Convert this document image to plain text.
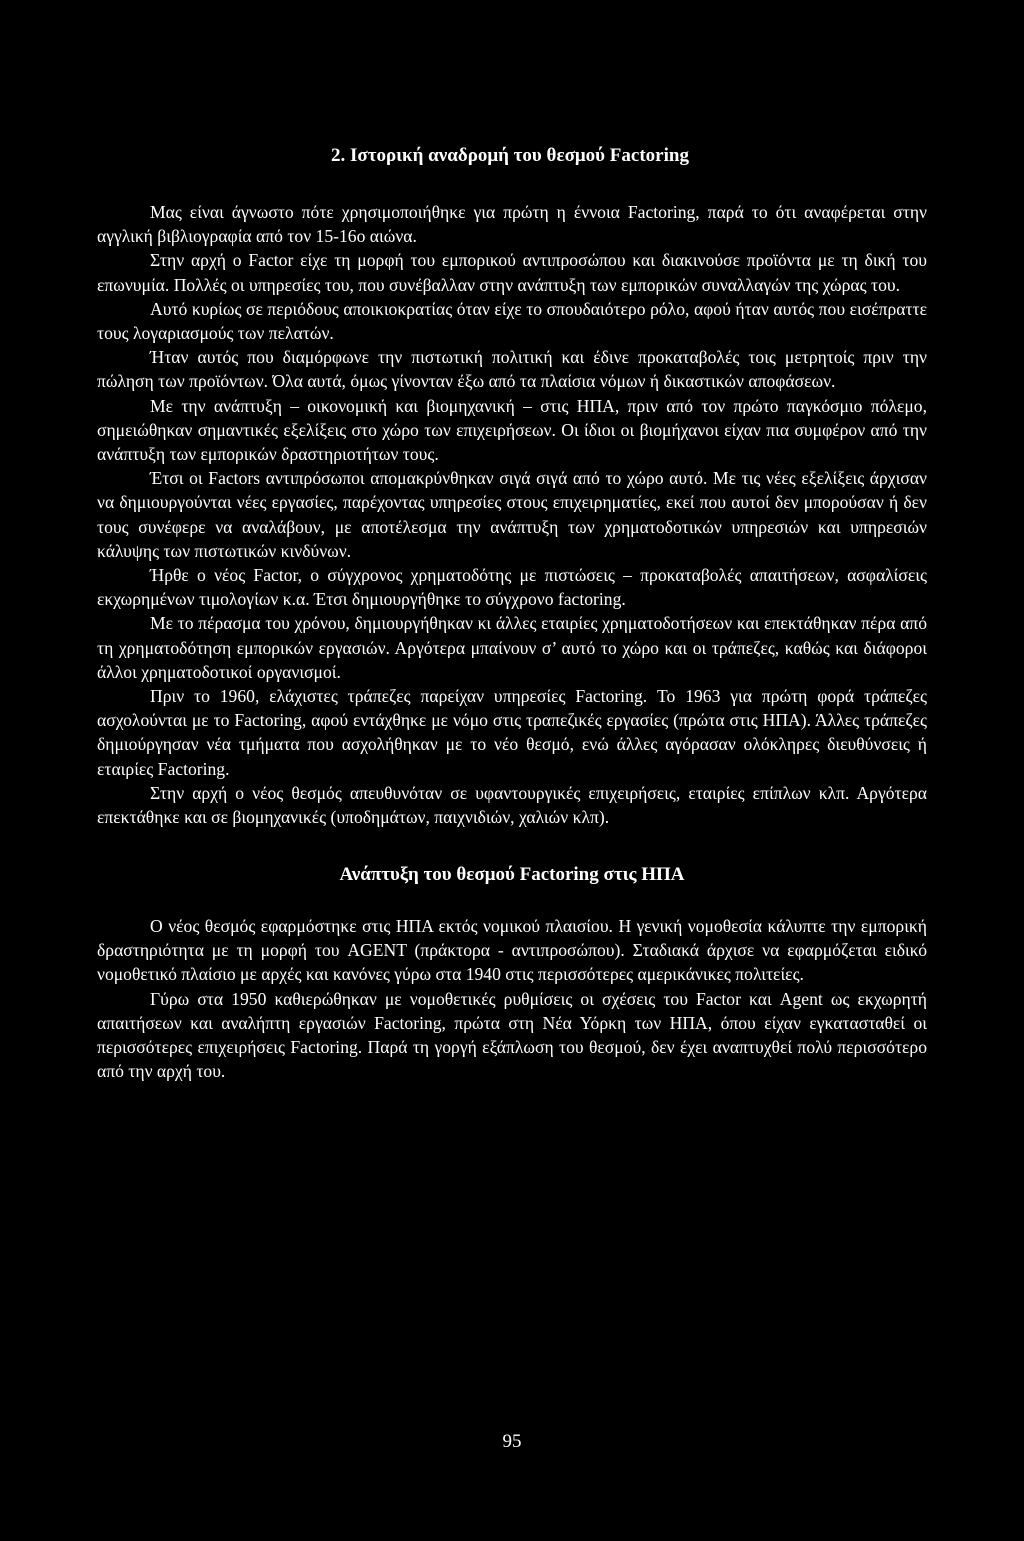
2. Ιστορική αναδρομή του θεσμού Factoring

Μας είναι άγνωστο πότε χρησιμοποιήθηκε για πρώτη η έννοια Factoring, παρά το ότι αναφέρεται στην αγγλική βιβλιογραφία από τον 15-16ο αιώνα.

Στην αρχή ο Factor είχε τη μορφή του εμπορικού αντιπροσώπου και διακινούσε προϊόντα με τη δική του επωνυμία. Πολλές οι υπηρεσίες του, που συνέβαλλαν στην ανάπτυξη των εμπορικών συναλλαγών της χώρας του.

Αυτό κυρίως σε περιόδους αποικιοκρατίας όταν είχε το σπουδαιότερο ρόλο, αφού ήταν αυτός που εισέπραττε τους λογαριασμούς των πελατών.

Ήταν αυτός που διαμόρφωνε την πιστωτική πολιτική και έδινε προκαταβολές τοις μετρητοίς πριν την πώληση των προϊόντων. Όλα αυτά, όμως γίνονταν έξω από τα πλαίσια νόμων ή δικαστικών αποφάσεων.

Με την ανάπτυξη – οικονομική και βιομηχανική – στις ΗΠΑ, πριν από τον πρώτο παγκόσμιο πόλεμο, σημειώθηκαν σημαντικές εξελίξεις στο χώρο των επιχειρήσεων. Οι ίδιοι οι βιομήχανοι είχαν πια συμφέρον από την ανάπτυξη των εμπορικών δραστηριοτήτων τους.

Έτσι οι Factors αντιπρόσωποι απομακρύνθηκαν σιγά σιγά από το χώρο αυτό. Με τις νέες εξελίξεις άρχισαν να δημιουργούνται νέες εργασίες, παρέχοντας υπηρεσίες στους επιχειρηματίες, εκεί που αυτοί δεν μπορούσαν ή δεν τους συνέφερε να αναλάβουν, με αποτέλεσμα την ανάπτυξη των χρηματοδοτικών υπηρεσιών και υπηρεσιών κάλυψης των πιστωτικών κινδύνων.

Ήρθε ο νέος Factor, ο σύγχρονος χρηματοδότης με πιστώσεις – προκαταβολές απαιτήσεων, ασφαλίσεις εκχωρημένων τιμολογίων κ.α. Έτσι δημιουργήθηκε το σύγχρονο factoring.

Με το πέρασμα του χρόνου, δημιουργήθηκαν κι άλλες εταιρίες χρηματοδοτήσεων και επεκτάθηκαν πέρα από τη χρηματοδότηση εμπορικών εργασιών. Αργότερα μπαίνουν σ’ αυτό το χώρο και οι τράπεζες, καθώς και διάφοροι άλλοι χρηματοδοτικοί οργανισμοί.

Πριν το 1960, ελάχιστες τράπεζες παρείχαν υπηρεσίες Factoring. Το 1963 για πρώτη φορά τράπεζες ασχολούνται με το Factoring, αφού εντάχθηκε με νόμο στις τραπεζικές εργασίες (πρώτα στις ΗΠΑ). Άλλες τράπεζες δημιούργησαν νέα τμήματα που ασχολήθηκαν με το νέο θεσμό, ενώ άλλες αγόρασαν ολόκληρες διευθύνσεις ή εταιρίες Factoring.

Στην αρχή ο νέος θεσμός απευθυνόταν σε υφαντουργικές επιχειρήσεις, εταιρίες επίπλων κλπ. Αργότερα επεκτάθηκε και σε βιομηχανικές (υποδημάτων, παιχνιδιών, χαλιών κλπ).

Ανάπτυξη του θεσμού Factoring στις ΗΠΑ

Ο νέος θεσμός εφαρμόστηκε στις ΗΠΑ εκτός νομικού πλαισίου. Η γενική νομοθεσία κάλυπτε την εμπορική δραστηριότητα με τη μορφή του AGENT (πράκτορα - αντιπροσώπου). Σταδιακά άρχισε να εφαρμόζεται ειδικό νομοθετικό πλαίσιο με αρχές και κανόνες γύρω στα 1940 στις περισσότερες αμερικάνικες πολιτείες.

Γύρω στα 1950 καθιερώθηκαν με νομοθετικές ρυθμίσεις οι σχέσεις του Factor και Agent ως εκχωρητή απαιτήσεων και αναλήπτη εργασιών Factoring, πρώτα στη Νέα Υόρκη των ΗΠΑ, όπου είχαν εγκατασταθεί οι περισσότερες επιχειρήσεις Factoring. Παρά τη γοργή εξάπλωση του θεσμού, δεν έχει αναπτυχθεί πολύ περισσότερο από την αρχή του.

95
